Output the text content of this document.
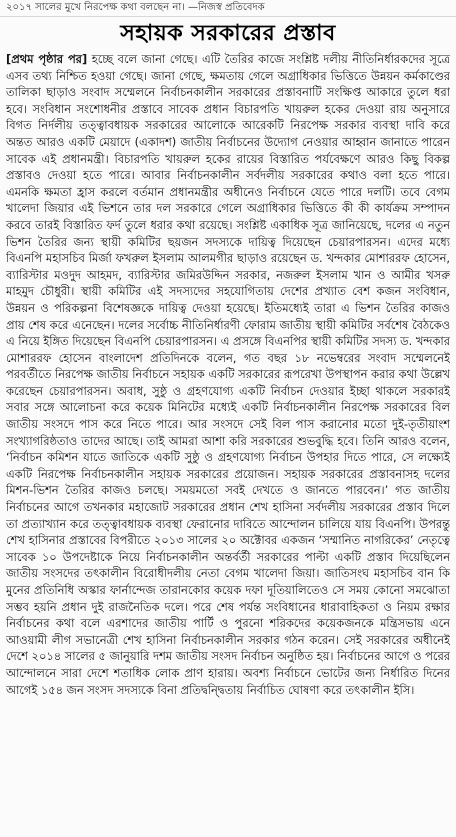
২০১৭ সালের মুখে নিরপেক্ষ কথা বলছেন না। —নিজস্ব প্রতিবেদক
সহায়ক সরকারের প্রস্তাব

[প্রথম পৃষ্ঠার পর] হচ্ছে বলে জানা গেছে। এটি তৈরির কাজে সংশ্লিষ্ট দলীয় নীতিনির্ধারকদের সূত্রে এসব তথ্য নিশ্চিত হওয়া গেছে। জানা গেছে, ক্ষমতায় গেলে অগ্রাধিকার ভিত্তিতে উন্নয়ন কর্মকাণ্ডের তালিকা ছাড়াও সংবাদ সম্মেলনে নির্বাচনকালীন সরকারের প্রস্তাবনাটি সংক্ষিপ্ত আকারে তুলে ধরা হবে। সংবিধান সংশোধনীর প্রস্তাবে সাবেক প্রধান বিচারপতি খায়রুল হকের দেওয়া রায় অনুসারে বিগত নির্দলীয় তত্ত্বাবধায়ক সরকারের আলোকে আরেকটি নিরপেক্ষ সরকার ব্যবস্থা দাবি করে অন্তত আরও একটি মেয়াদে (একাদশ) জাতীয় নির্বাচনের উদ্যোগ নেওয়ার আহ্বান জানাতে পারেন সাবেক এই প্রধানমন্ত্রী। বিচারপতি খায়রুল হকের রায়ের বিস্তারিত পর্যবেক্ষণে আরও কিছু বিকল্প প্রস্তাবও দেওয়া হতে পারে। আবার নির্বাচনকালীন সর্বদলীয় সরকারের কথাও বলা হতে পারে। এমনকি ক্ষমতা হ্রাস করলে বর্তমান প্রধানমন্ত্রীর অধীনেও নির্বাচনে যেতে পারে দলটি। তবে বেগম খালেদা জিয়ার এই ভিশনে তার দল সরকারে গেলে অগ্রাধিকার ভিত্তিতে কী কী কার্যক্রম সম্পাদন করবে তারই বিস্তারিত ফর্দ তুলে ধরার কথা রয়েছে। সংশ্লিষ্ট একাধিক সূত্র জানিয়েছে, দলের এ নতুন ভিশন তৈরির জন্য স্থায়ী কমিটির ছয়জন সদস্যকে দায়িত্ব দিয়েছেন চেয়ারপারসন। এদের মধ্যে বিএনপি মহাসচিব মির্জা ফখরুল ইসলাম আলমগীর ছাড়াও রয়েছেন ড. খন্দকার মোশাররফ হোসেন, ব্যারিস্টার মওদুদ আহমদ, ব্যারিস্টার জমিরউদ্দিন সরকার, নজরুল ইসলাম খান ও আমীর খসরু মাহমুদ চৌধুরী। স্থায়ী কমিটির এই সদস্যদের সহযোগিতায় দেশের প্রখ্যাত বেশ কজন সংবিধান, উন্নয়ন ও পরিকল্পনা বিশেষজ্ঞকে দায়িত্ব দেওয়া হয়েছে। ইতিমধ্যেই তারা এ ভিশন তৈরির কাজও প্রায় শেষ করে এনেছেন। দলের সর্বোচ্চ নীতিনির্ধারণী ফোরাম জাতীয় স্থায়ী কমিটির সর্বশেষ বৈঠকেও এ নিয়ে ইঙ্গিত দিয়েছেন বিএনপি চেয়ারপারসন। এ প্রসঙ্গে বিএনপির স্থায়ী কমিটির সদস্য ড. খন্দকার মোশাররফ হোসেন বাংলাদেশ প্রতিদিনকে বলেন, গত বছর ১৮ নভেম্বরের সংবাদ সম্মেলনেই পরবর্তীতে নিরপেক্ষ জাতীয় নির্বাচনে সহায়ক একটি সরকারের রূপরেখা উপস্থাপন করার কথা উল্লেখ করেছেন চেয়ারপারসন। অবাধ, সুষ্ঠু ও গ্রহণযোগ্য একটি নির্বাচন দেওয়ার ইচ্ছা থাকলে সরকারই সবার সঙ্গে আলোচনা করে কয়েক মিনিটের মধ্যেই একটি নির্বাচনকালীন নিরপেক্ষ সরকারের বিল জাতীয় সংসদে পাস করে নিতে পারে। আর সংসদে সেই বিল পাস করানোর মতো দুই-তৃতীয়াংশ সংখ্যাগরিষ্ঠতাও তাদের আছে। তাই আমরা আশা করি সরকারের শুভবুদ্ধি হবে। তিনি আরও বলেন, ‘নির্বাচন কমিশন যাতে জাতিকে একটি সুষ্ঠু ও গ্রহণযোগ্য নির্বাচন উপহার দিতে পারে, সে লক্ষ্যেই একটি নিরপেক্ষ নির্বাচনকালীন সহায়ক সরকারের প্রয়োজন। সহায়ক সরকারের প্রস্তাবনাসহ দলের মিশন-ভিশন তৈরির কাজও চলছে। সময়মতো সবই দেখতে ও জানতে পারবেন।’ গত জাতীয় নির্বাচনের আগে তখনকার মহাজোট সরকারের প্রধান শেখ হাসিনা সর্বদলীয় সরকারের প্রস্তাব দিলে তা প্রত্যাখ্যান করে তত্ত্বাবধায়ক ব্যবস্থা ফেরানোর দাবিতে আন্দোলন চালিয়ে যায় বিএনপি। উপরন্তু শেখ হাসিনার প্রস্তাবের বিপরীতে ২০১৩ সালের ২০ অক্টোবর একজন ‘সম্মানিত নাগরিকের’ নেতৃত্বে সাবেক ১০ উপদেষ্টাকে নিয়ে নির্বাচনকালীন অন্তর্বর্তী সরকারের পাল্টা একটি প্রস্তাব দিয়েছিলেন জাতীয় সংসদের তৎকালীন বিরোধীদলীয় নেতা বেগম খালেদা জিয়া। জাতিসংঘ মহাসচিব বান কি মুনের প্রতিনিধি অস্কার ফার্নান্দেজ তারানকোর কয়েক দফা দূতিয়ালিতেও সে সময় কোনো সমঝোতা সম্ভব হয়নি প্রধান দুই রাজনৈতিক দলে। পরে শেষ পর্যন্ত সংবিধানের ধারাবাহিকতা ও নিয়ম রক্ষার নির্বাচনের কথা বলে এরশাদের জাতীয় পার্টি ও পুরনো শরিকদের কয়েকজনকে মন্ত্রিসভায় এনে আওয়ামী লীগ সভানেত্রী শেখ হাসিনা নির্বাচনকালীন সরকার গঠন করেন। সেই সরকারের অধীনেই দেশে ২০১৪ সালের ৫ জানুয়ারি দশম জাতীয় সংসদ নির্বাচন অনুষ্ঠিত হয়। নির্বাচনের আগে ও পরের আন্দোলনে সারা দেশে শতাধিক লোক প্রাণ হারায়। অবশ্য নির্বাচনে ভোটের জন্য নির্ধারিত দিনের আগেই ১৫৪ জন সংসদ সদস্যকে বিনা প্রতিদ্বন্দ্বিতায় নির্বাচিত ঘোষণা করে তৎকালীন ইসি।
